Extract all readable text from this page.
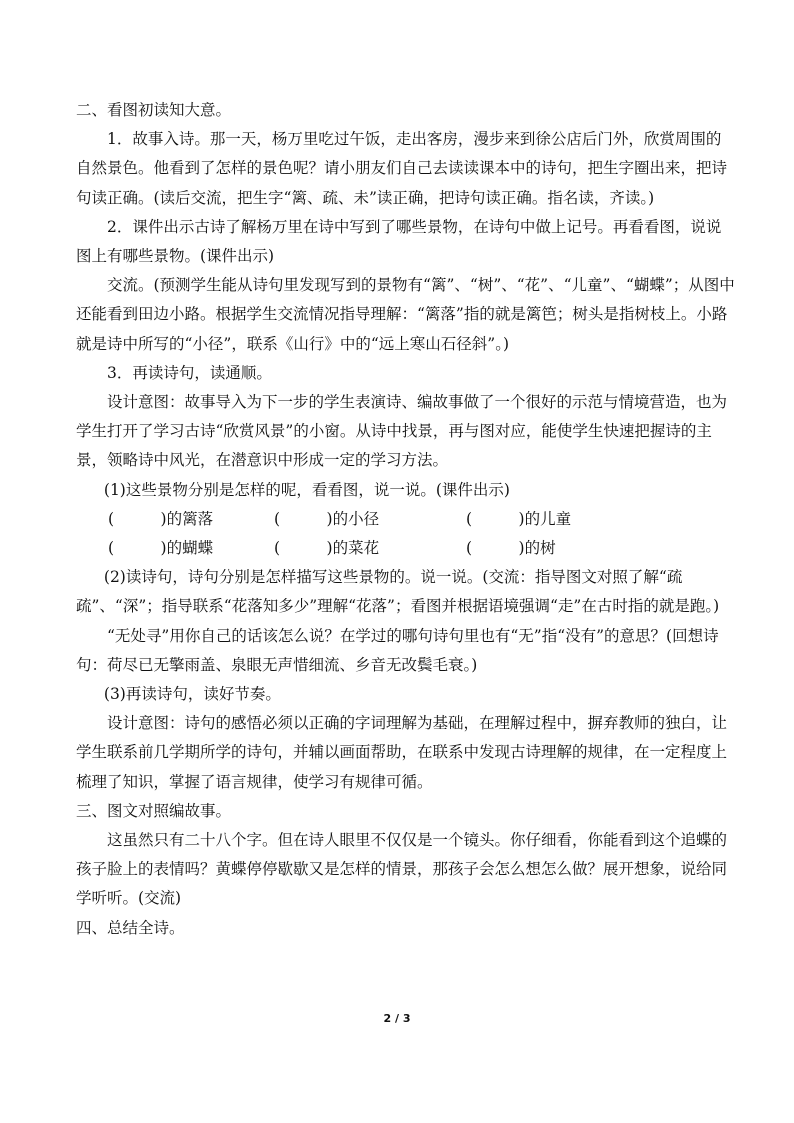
二、看图初读知大意。

1．故事入诗。那一天，杨万里吃过午饭，走出客房，漫步来到徐公店后门外，欣赏周围的自然景色。他看到了怎样的景色呢？请小朋友们自己去读读课本中的诗句，把生字圈出来，把诗句读正确。(读后交流，把生字“篱、疏、未”读正确，把诗句读正确。指名读，齐读。)

2．课件出示古诗了解杨万里在诗中写到了哪些景物，在诗句中做上记号。再看看图，说说图上有哪些景物。(课件出示)

交流。(预测学生能从诗句里发现写到的景物有“篱”、“树”、“花”、“儿童”、“蝴蝶”；从图中还能看到田边小路。根据学生交流情况指导理解：“篱落”指的就是篱笆；树头是指树枝上。小路就是诗中所写的“小径”，联系《山行》中的“远上寒山石径斜”。)

3．再读诗句，读通顺。

设计意图：故事导入为下一步的学生表演诗、编故事做了一个很好的示范与情境营造，也为学生打开了学习古诗“欣赏风景”的小窗。从诗中找景，再与图对应，能使学生快速把握诗的主景，领略诗中风光，在潜意识中形成一定的学习方法。

(1)这些景物分别是怎样的呢，看看图，说一说。(课件出示)

(　　　)的篱落	(　　　)的小径	(　　　)的儿童
(　　　)的蝴蝶	(　　　)的菜花	(　　　)的树

(2)读诗句，诗句分别是怎样描写这些景物的。说一说。(交流：指导图文对照了解“疏疏”、“深”；指导联系“花落知多少”理解“花落”；看图并根据语境强调“走”在古时指的就是跑。)

“无处寻”用你自己的话该怎么说？在学过的哪句诗句里也有“无”指“没有”的意思？(回想诗句：荷尽已无擎雨盖、泉眼无声惜细流、乡音无改鬓毛衰。)

(3)再读诗句，读好节奏。

设计意图：诗句的感悟必须以正确的字词理解为基础，在理解过程中，摒弃教师的独白，让学生联系前几学期所学的诗句，并辅以画面帮助，在联系中发现古诗理解的规律，在一定程度上梳理了知识，掌握了语言规律，使学习有规律可循。

三、图文对照编故事。

这虽然只有二十八个字。但在诗人眼里不仅仅是一个镜头。你仔细看，你能看到这个追蝶的孩子脸上的表情吗？黄蝶停停歇歇又是怎样的情景，那孩子会怎么想怎么做？展开想象，说给同学听听。(交流)

四、总结全诗。

2 / 3
